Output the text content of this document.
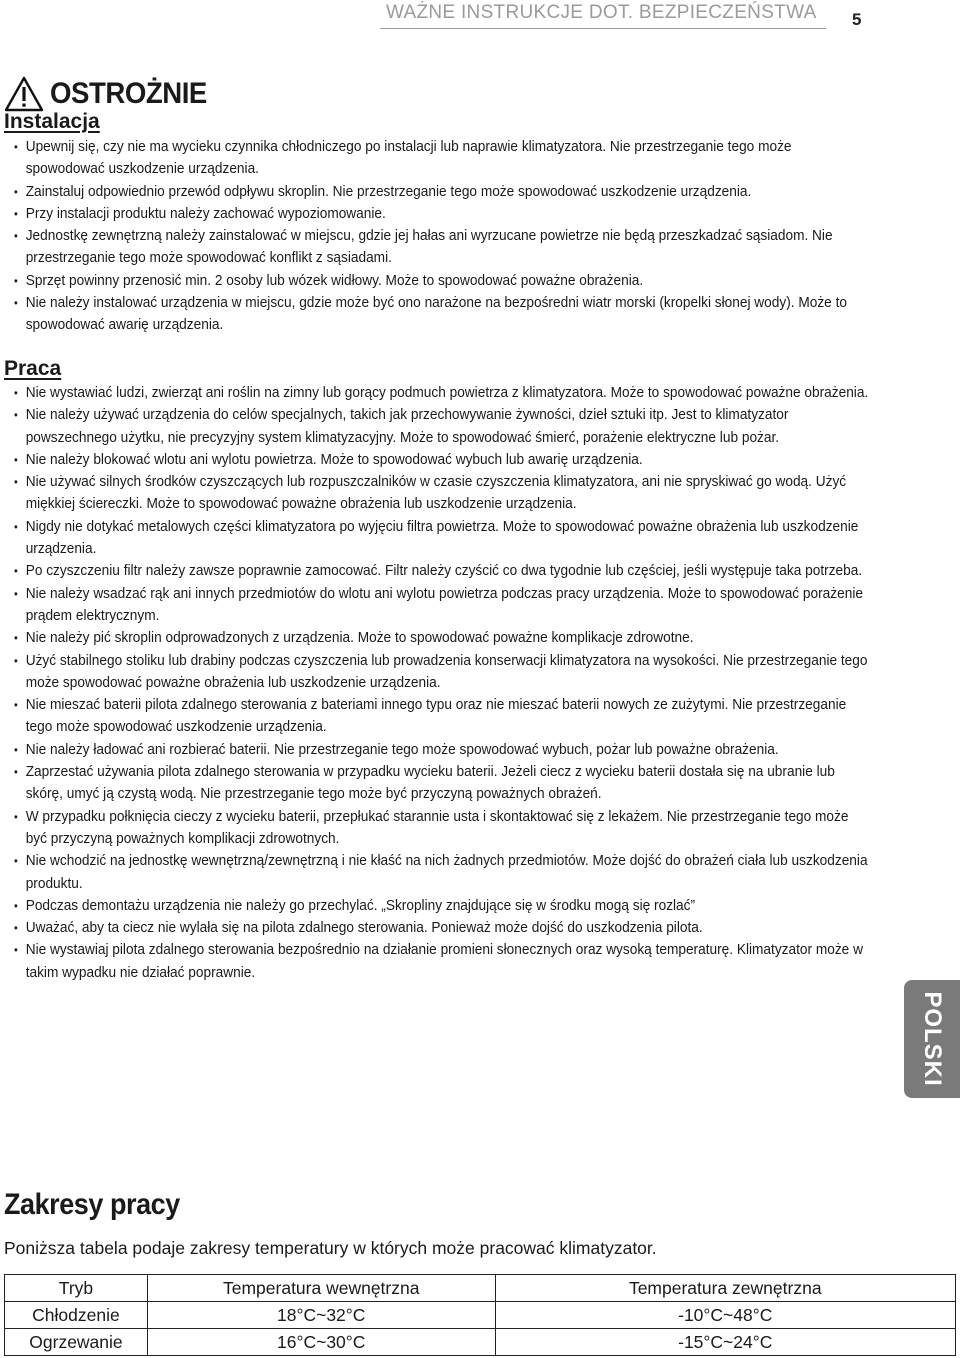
WAŻNE INSTRUKCJE DOT. BEZPIECZEŃSTWA 5
OSTROŻNIE
Instalacja
• Upewnij się, czy nie ma wycieku czynnika chłodniczego po instalacji lub naprawie klimatyzatora. Nie przestrzeganie tego może spowodować uszkodzenie urządzenia.
• Zainstaluj odpowiednio przewód odpływu skroplin. Nie przestrzeganie tego może spowodować uszkodzenie urządzenia.
• Przy instalacji produktu należy zachować wypoziomowanie.
• Jednostkę zewnętrzną należy zainstalować w miejscu, gdzie jej hałas ani wyrzucane powietrze nie będą przeszkadzać sąsiadom. Nie przestrzeganie tego może spowodować konflikt z sąsiadami.
• Sprzęt powinny przenosić min. 2 osoby lub wózek widłowy. Może to spowodować poważne obrażenia.
• Nie należy instalować urządzenia w miejscu, gdzie może być ono narażone na bezpośredni wiatr morski (kropelki słonej wody). Może to spowodować awarię urządzenia.
Praca
• Nie wystawiać ludzi, zwierząt ani roślin na zimny lub gorący podmuch powietrza z klimatyzatora. Może to spowodować poważne obrażenia.
• Nie należy używać urządzenia do celów specjalnych, takich jak przechowywanie żywności, dzieł sztuki itp. Jest to klimatyzator powszechnego użytku, nie precyzyjny system klimatyzacyjny. Może to spowodować śmierć, porażenie elektryczne lub pożar.
• Nie należy blokować wlotu ani wylotu powietrza. Może to spowodować wybuch lub awarię urządzenia.
• Nie używać silnych środków czyszczących lub rozpuszczalników w czasie czyszczenia klimatyzatora, ani nie spryskiwać go wodą. Użyć miękkiej ściereczki. Może to spowodować poważne obrażenia lub uszkodzenie urządzenia.
• Nigdy nie dotykać metalowych części klimatyzatora po wyjęciu filtra powietrza. Może to spowodować poważne obrażenia lub uszkodzenie urządzenia.
• Po czyszczeniu filtr należy zawsze poprawnie zamocować. Filtr należy czyścić co dwa tygodnie lub częściej, jeśli występuje taka potrzeba.
• Nie należy wsadzać rąk ani innych przedmiotów do wlotu ani wylotu powietrza podczas pracy urządzenia. Może to spowodować porażenie prądem elektrycznym.
• Nie należy pić skroplin odprowadzonych z urządzenia. Może to spowodować poważne komplikacje zdrowotne.
• Użyć stabilnego stoliku lub drabiny podczas czyszczenia lub prowadzenia konserwacji klimatyzatora na wysokości. Nie przestrzeganie tego może spowodować poważne obrażenia lub uszkodzenie urządzenia.
• Nie mieszać baterii pilota zdalnego sterowania z bateriami innego typu oraz nie mieszać baterii nowych ze zużytymi. Nie przestrzeganie tego może spowodować uszkodzenie urządzenia.
• Nie należy ładować ani rozbierać baterii. Nie przestrzeganie tego może spowodować wybuch, pożar lub poważne obrażenia.
• Zaprzestać używania pilota zdalnego sterowania w przypadku wycieku baterii. Jeżeli ciecz z wycieku baterii dostała się na ubranie lub skórę, umyć ją czystą wodą. Nie przestrzeganie tego może być przyczyną poważnych obrażeń.
• W przypadku połknięcia cieczy z wycieku baterii, przepłukać starannie usta i skontaktować się z lekażem. Nie przestrzeganie tego może być przyczyną poważnych komplikacji zdrowotnych.
• Nie wchodzić na jednostkę wewnętrzną/zewnętrzną i nie kłaść na nich żadnych przedmiotów. Może dojść do obrażeń ciała lub uszkodzenia produktu.
• Podczas demontażu urządzenia nie należy go przechylać. „Skropliny znajdujące się w środku mogą się rozlać”
• Uważać, aby ta ciecz nie wylała się na pilota zdalnego sterowania. Ponieważ może dojść do uszkodzenia pilota.
• Nie wystawiaj pilota zdalnego sterowania bezpośrednio na działanie promieni słonecznych oraz wysoką temperaturę. Klimatyzator może w takim wypadku nie działać poprawnie.
POLSKI
Zakresy pracy
Poniższa tabela podaje zakresy temperatury w których może pracować klimatyzator.
Tryb	Temperatura wewnętrzna	Temperatura zewnętrzna
Chłodzenie	18°C~32°C	-10°C~48°C
Ogrzewanie	16°C~30°C	-15°C~24°C
